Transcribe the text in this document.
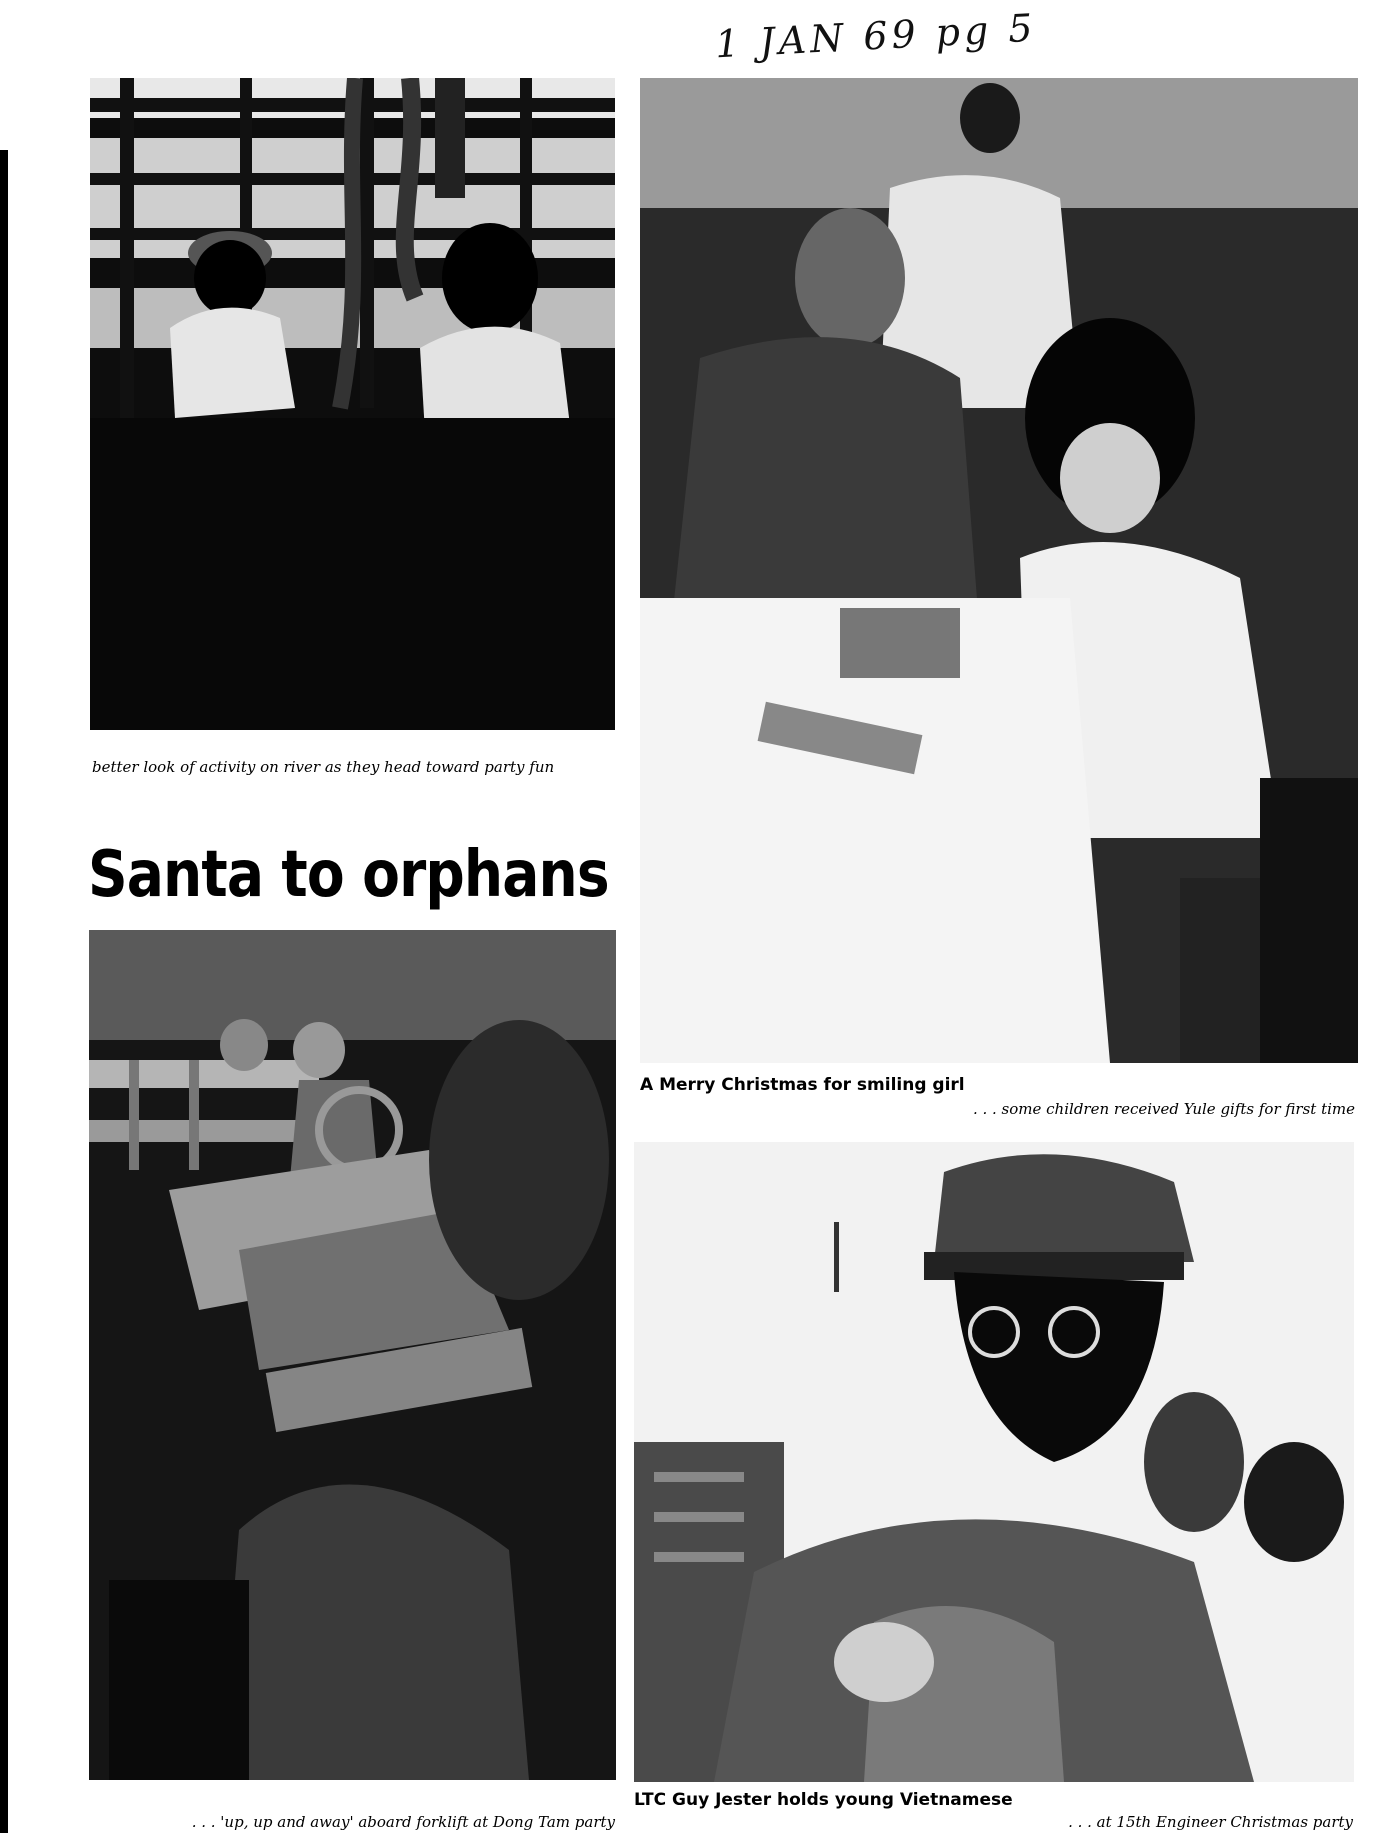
1 JAN 69 pg 5
better look of activity on river as they head toward party fun
Santa to orphans
A Merry Christmas for smiling girl
. . . some children received Yule gifts for first time
. . . 'up, up and away' aboard forklift at Dong Tam party
LTC Guy Jester holds young Vietnamese
. . . at 15th Engineer Christmas party
